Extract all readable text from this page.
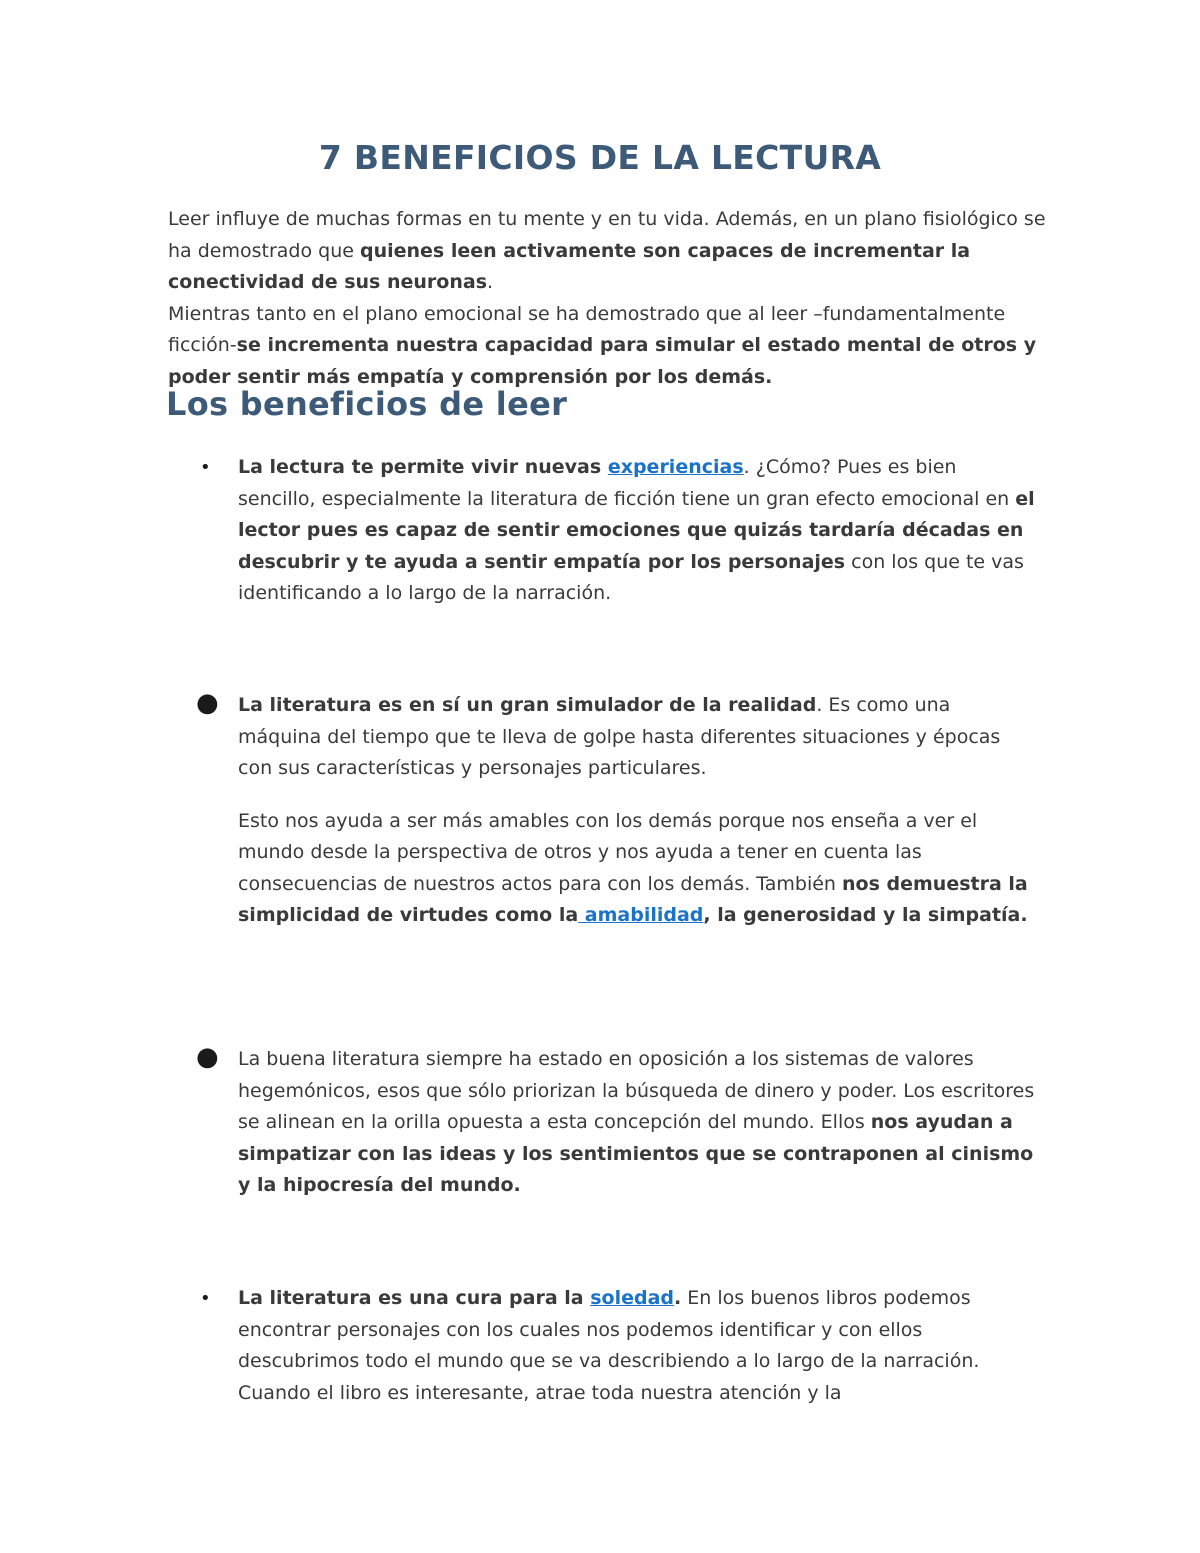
7 BENEFICIOS DE LA LECTURA

Leer influye de muchas formas en tu mente y en tu vida. Además, en un plano fisiológico se ha demostrado que quienes leen activamente son capaces de incrementar la conectividad de sus neuronas.

Mientras tanto en el plano emocional se ha demostrado que al leer –fundamentalmente ficción-se incrementa nuestra capacidad para simular el estado mental de otros y poder sentir más empatía y comprensión por los demás.

Los beneficios de leer
• La lectura te permite vivir nuevas experiencias. ¿Cómo? Pues es bien sencillo, especialmente la literatura de ficción tiene un gran efecto emocional en el lector pues es capaz de sentir emociones que quizás tardaría décadas en descubrir y te ayuda a sentir empatía por los personajes con los que te vas identificando a lo largo de la narración.

● La literatura es en sí un gran simulador de la realidad. Es como una máquina del tiempo que te lleva de golpe hasta diferentes situaciones y épocas con sus características y personajes particulares.

Esto nos ayuda a ser más amables con los demás porque nos enseña a ver el mundo desde la perspectiva de otros y nos ayuda a tener en cuenta las consecuencias de nuestros actos para con los demás. También nos demuestra la simplicidad de virtudes como la amabilidad, la generosidad y la simpatía.

● La buena literatura siempre ha estado en oposición a los sistemas de valores hegemónicos, esos que sólo priorizan la búsqueda de dinero y poder. Los escritores se alinean en la orilla opuesta a esta concepción del mundo. Ellos nos ayudan a simpatizar con las ideas y los sentimientos que se contraponen al cinismo y la hipocresía del mundo.

• La literatura es una cura para la soledad. En los buenos libros podemos encontrar personajes con los cuales nos podemos identificar y con ellos descubrimos todo el mundo que se va describiendo a lo largo de la narración. Cuando el libro es interesante, atrae toda nuestra atención y la
